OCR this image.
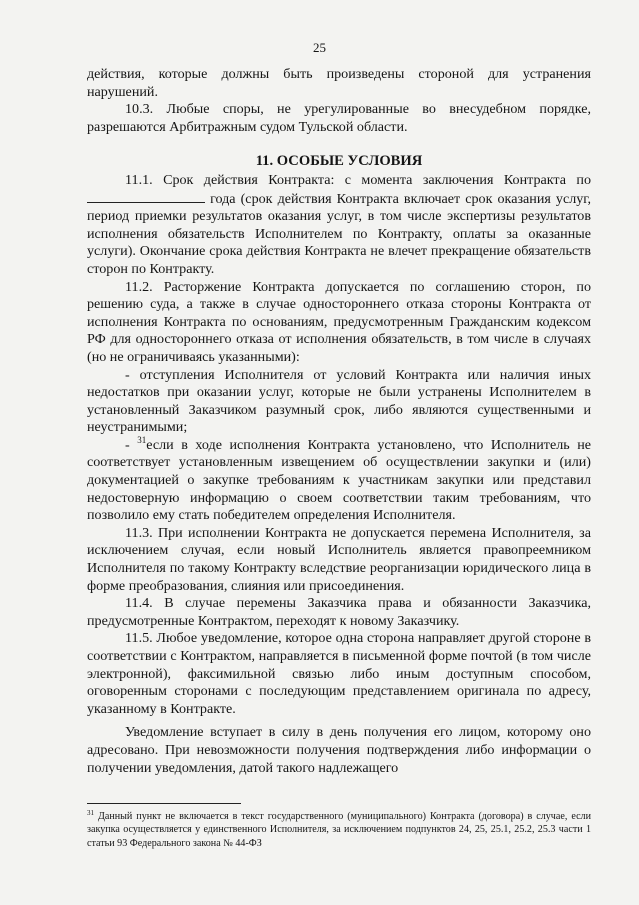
25

действия, которые должны быть произведены стороной для устранения нарушений.

10.3. Любые споры, не урегулированные во внесудебном порядке, разрешаются Арбитражным судом Тульской области.

11. ОСОБЫЕ УСЛОВИЯ

11.1. Срок действия Контракта: с момента заключения Контракта по  года (срок действия Контракта включает срок оказания услуг, период приемки результатов оказания услуг, в том числе экспертизы результатов исполнения обязательств Исполнителем по Контракту, оплаты за оказанные услуги). Окончание срока действия Контракта не влечет прекращение обязательств сторон по Контракту.

11.2. Расторжение Контракта допускается по соглашению сторон, по решению суда, а также в случае одностороннего отказа стороны Контракта от исполнения Контракта по основаниям, предусмотренным Гражданским кодексом РФ для одностороннего отказа от исполнения обязательств, в том числе в случаях (но не ограничиваясь указанными):

- отступления Исполнителя от условий Контракта или наличия иных недостатков при оказании услуг, которые не были устранены Исполнителем в установленный Заказчиком разумный срок, либо являются существенными и неустранимыми;

- $^{31}$если в ходе исполнения Контракта установлено, что Исполнитель не соответствует установленным извещением об осуществлении закупки и (или) документацией о закупке требованиям к участникам закупки или представил недостоверную информацию о своем соответствии таким требованиям, что позволило ему стать победителем определения Исполнителя.

11.3. При исполнении Контракта не допускается перемена Исполнителя, за исключением случая, если новый Исполнитель является правопреемником Исполнителя по такому Контракту вследствие реорганизации юридического лица в форме преобразования, слияния или присоединения.

11.4. В случае перемены Заказчика права и обязанности Заказчика, предусмотренные Контрактом, переходят к новому Заказчику.

11.5. Любое уведомление, которое одна сторона направляет другой стороне в соответствии с Контрактом, направляется в письменной форме почтой (в том числе электронной), факсимильной связью либо иным доступным способом, оговоренным сторонами с последующим представлением оригинала по адресу, указанному в Контракте.

Уведомление вступает в силу в день получения его лицом, которому оно адресовано. При невозможности получения подтверждения либо информации о получении уведомления, датой такого надлежащего

$^{31}$ Данный пункт не включается в текст государственного (муниципального) Контракта (договора) в случае, если закупка осуществляется у единственного Исполнителя, за исключением подпунктов 24, 25, 25.1, 25.2, 25.3 части 1 статьи 93 Федерального закона № 44-ФЗ
